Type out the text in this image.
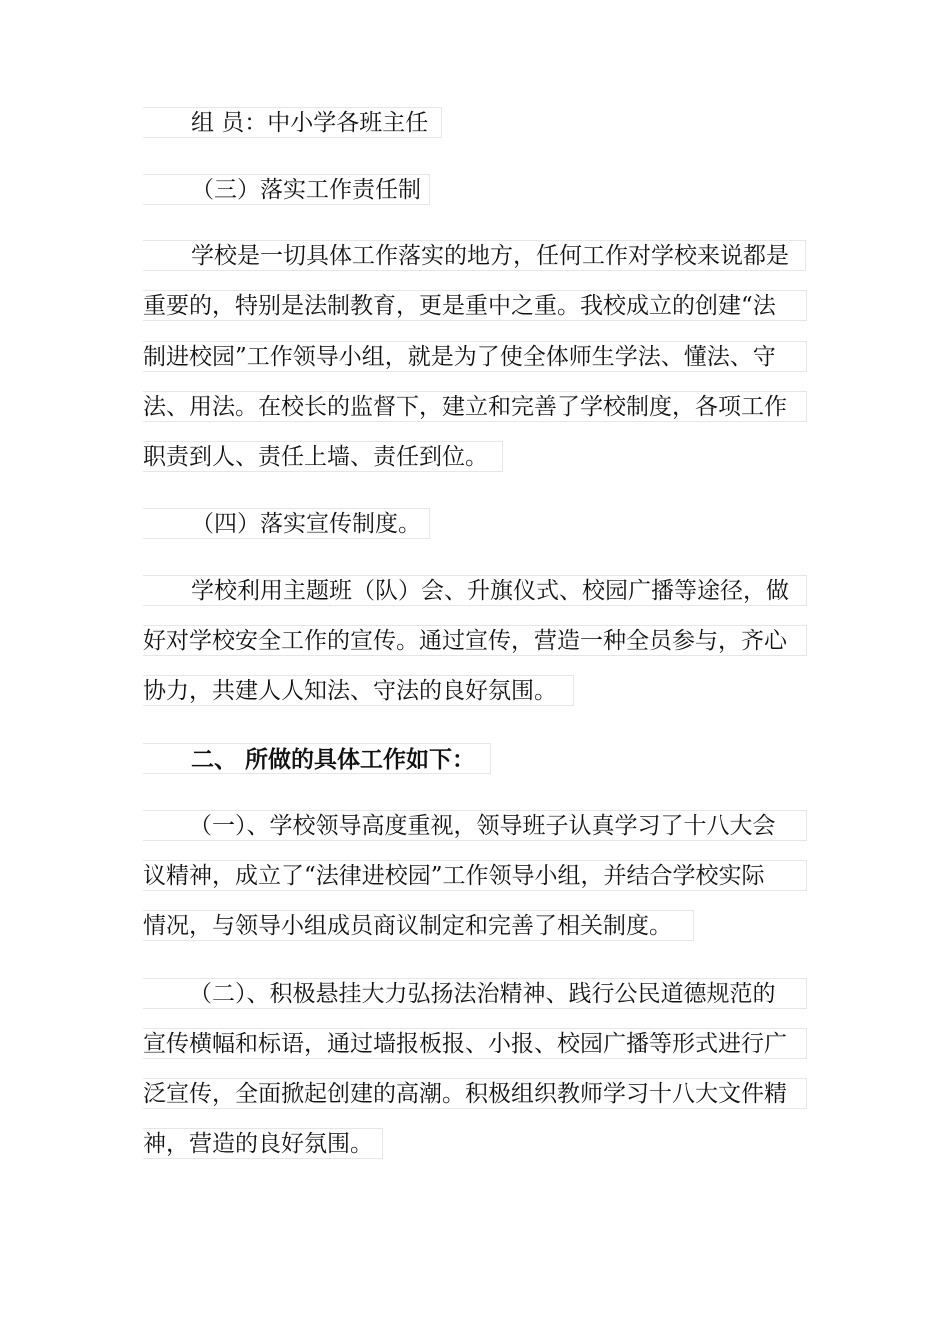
组 员：中小学各班主任
（三）落实工作责任制
学校是一切具体工作落实的地方，任何工作对学校来说都是
重要的，特别是法制教育，更是重中之重。我校成立的创建“法
制进校园”工作领导小组，就是为了使全体师生学法、懂法、守
法、用法。在校长的监督下，建立和完善了学校制度，各项工作
职责到人、责任上墙、责任到位。
（四）落实宣传制度。
学校利用主题班（队）会、升旗仪式、校园广播等途径，做
好对学校安全工作的宣传。通过宣传，营造一种全员参与，齐心
协力，共建人人知法、守法的良好氛围。
二、 所做的具体工作如下：
（一）、学校领导高度重视，领导班子认真学习了十八大会
议精神，成立了“法律进校园”工作领导小组，并结合学校实际
情况，与领导小组成员商议制定和完善了相关制度。
（二）、积极悬挂大力弘扬法治精神、践行公民道德规范的
宣传横幅和标语，通过墙报板报、小报、校园广播等形式进行广
泛宣传，全面掀起创建的高潮。积极组织教师学习十八大文件精
神，营造的良好氛围。
